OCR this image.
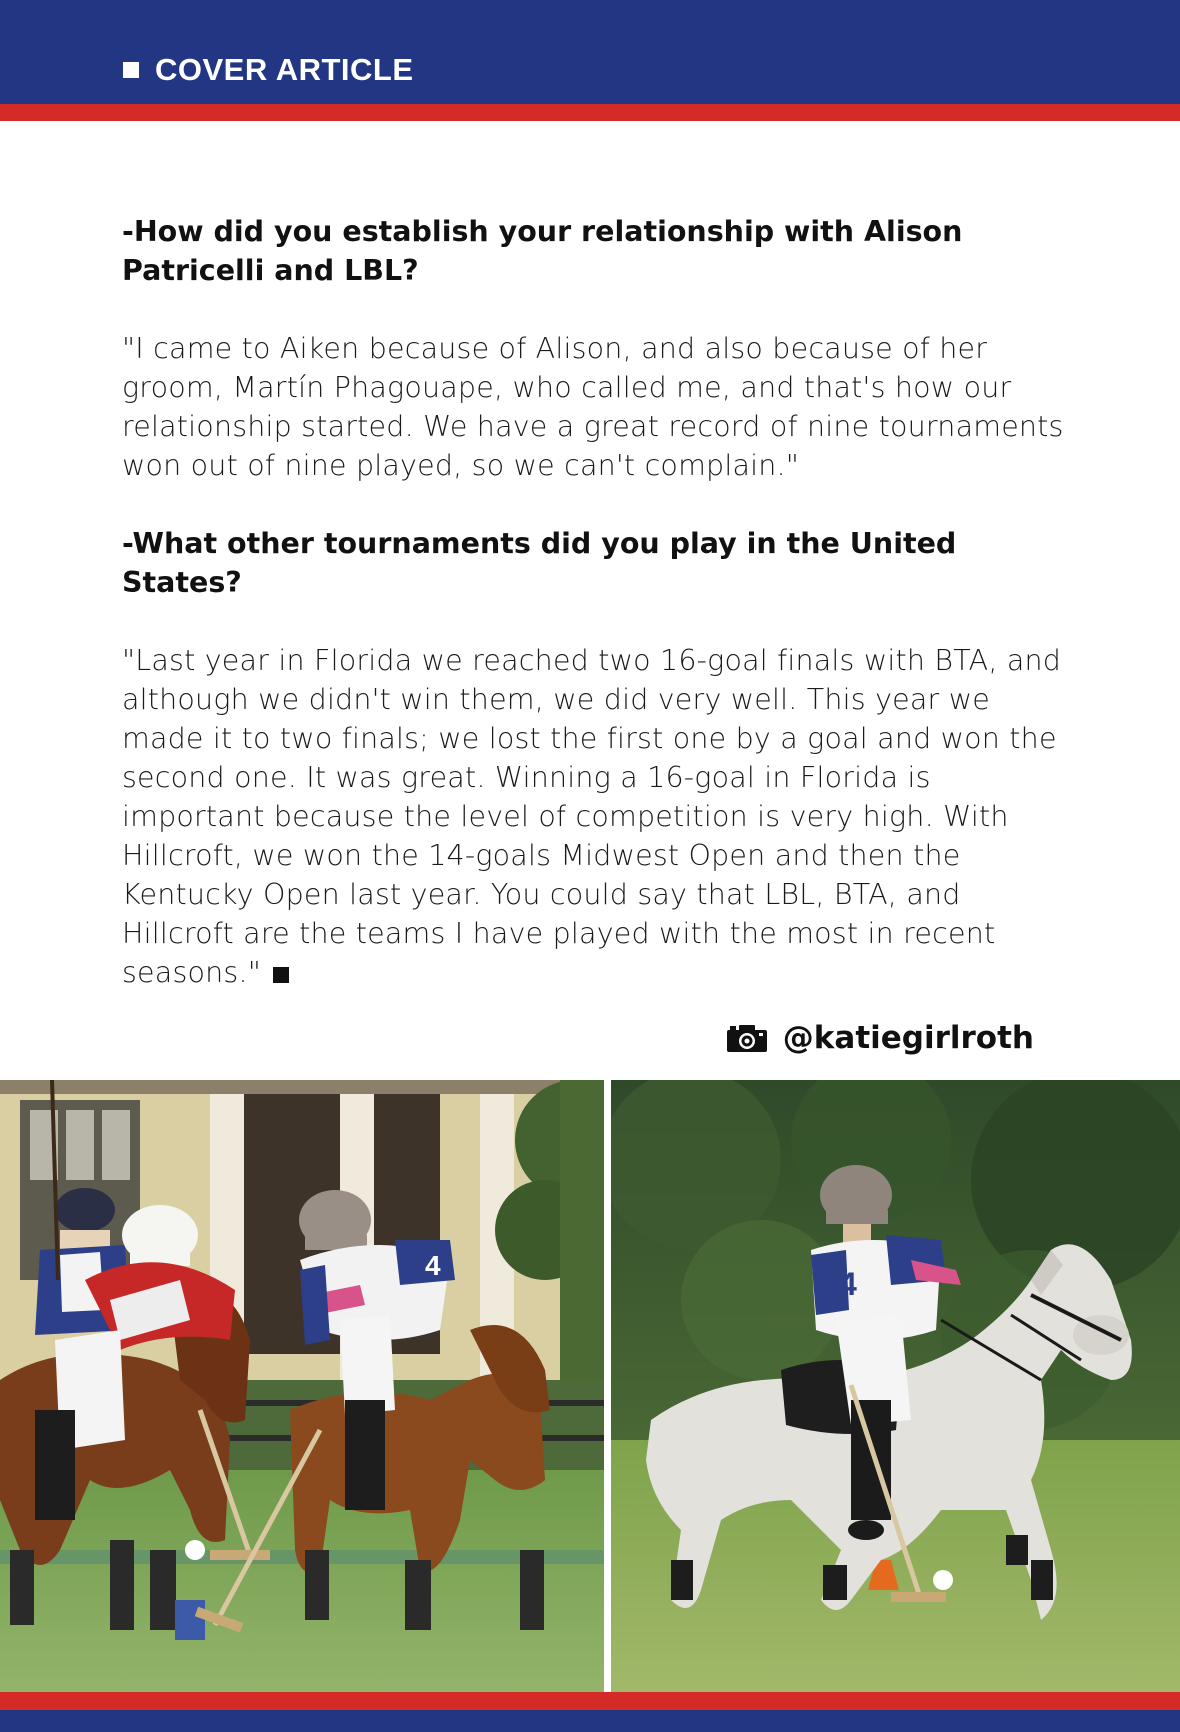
COVER ARTICLE

-How did you establish your relationship with Alison Patricelli and LBL?

"I came to Aiken because of Alison, and also because of her groom, Martín Phagouape, who called me, and that's how our relationship started. We have a great record of nine tournaments won out of nine played, so we can't complain."

-What other tournaments did you play in the United States?

"Last year in Florida we reached two 16-goal finals with BTA, and although we didn't win them, we did very well. This year we made it to two finals; we lost the first one by a goal and won the second one. It was great. Winning a 16-goal in Florida is important because the level of competition is very high. With Hillcroft, we won the 14-goals Midwest Open and then the Kentucky Open last year. You could say that LBL, BTA, and Hillcroft are the teams I have played with the most in recent seasons."

@katiegirlroth
4
4
